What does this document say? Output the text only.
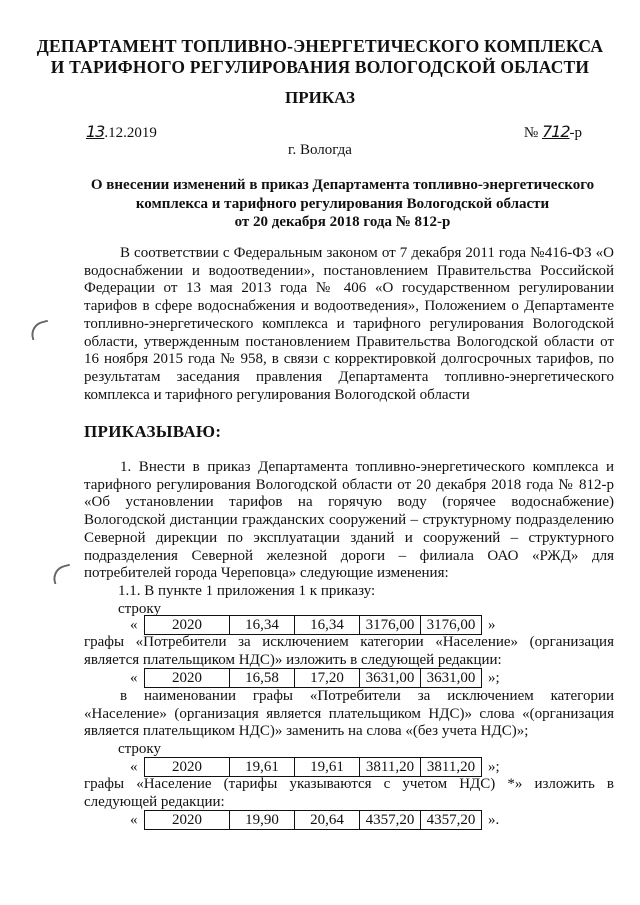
ДЕПАРТАМЕНТ ТОПЛИВНО-ЭНЕРГЕТИЧЕСКОГО КОМПЛЕКСА
И ТАРИФНОГО РЕГУЛИРОВАНИЯ ВОЛОГОДСКОЙ ОБЛАСТИ
ПРИКАЗ
13.12.2019	№ 712-р
г. Вологда
О внесении изменений в приказ Департамента топливно-энергетического
комплекса и тарифного регулирования Вологодской области
от 20 декабря 2018 года № 812-р
В соответствии с Федеральным законом от 7 декабря 2011 года №416-ФЗ «О водоснабжении и водоотведении», постановлением Правительства Российской Федерации от 13 мая 2013 года № 406 «О государственном регулировании тарифов в сфере водоснабжения и водоотведения», Положением о Департаменте топливно-энергетического комплекса и тарифного регулирования Вологодской области, утвержденным постановлением Правительства Вологодской области от 16 ноября 2015 года № 958, в связи с корректировкой долгосрочных тарифов, по результатам заседания правления Департамента топливно-энергетического комплекса и тарифного регулирования Вологодской области
ПРИКАЗЫВАЮ:
1. Внести в приказ Департамента топливно-энергетического комплекса и тарифного регулирования Вологодской области от 20 декабря 2018 года № 812-р «Об установлении тарифов на горячую воду (горячее водоснабжение) Вологодской дистанции гражданских сооружений – структурному подразделению Северной дирекции по эксплуатации зданий и сооружений – структурного подразделения Северной железной дороги – филиала ОАО «РЖД» для потребителей города Череповца» следующие изменения:
1.1. В пункте 1 приложения 1 к приказу:
строку
«	2020	16,34	16,34	3176,00 3176,00 »
графы «Потребители за исключением категории «Население» (организация является плательщиком НДС)» изложить в следующей редакции:
«	2020	16,58	17,20	3631,00 3631,00 »;
в наименовании графы «Потребители за исключением категории «Население» (организация является плательщиком НДС)» слова «(организация является плательщиком НДС)» заменить на слова «(без учета НДС)»;
строку
«	2020	19,61	19,61	3811,20 3811,20 »;
графы «Население (тарифы указываются с учетом НДС) *» изложить в следующей редакции:
«	2020	19,90	20,64	4357,20 4357,20 ».
